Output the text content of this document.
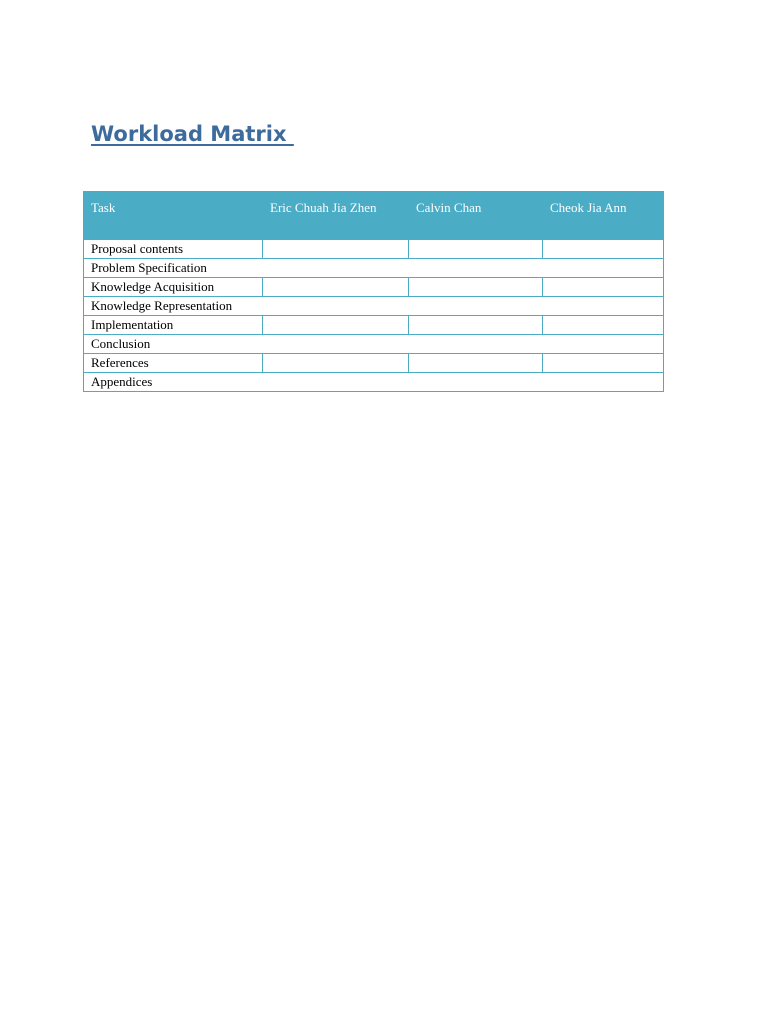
Workload Matrix
Task	Eric Chuah Jia Zhen	Calvin Chan	Cheok Jia Ann
Proposal contents			
Problem Specification			
Knowledge Acquisition			
Knowledge Representation			
Implementation			
Conclusion			
References			
Appendices			
